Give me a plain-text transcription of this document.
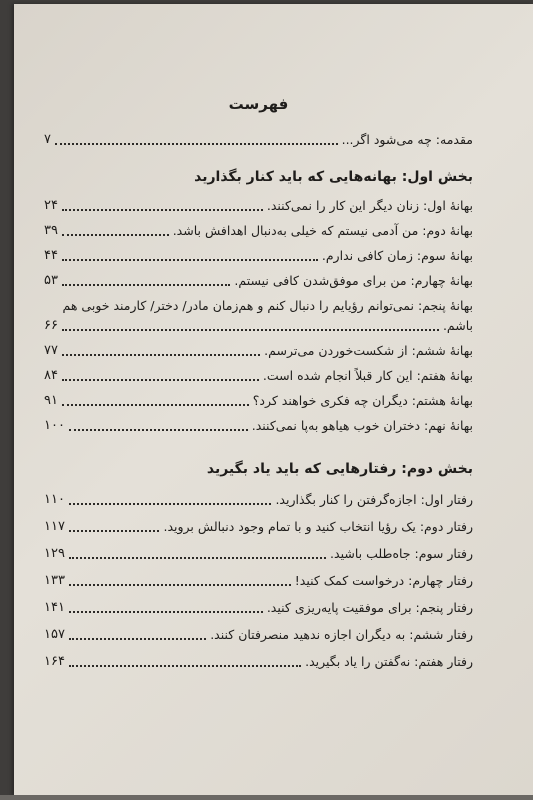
فهرست
مقدمه: چه می‌شود اگر...
۷
بخش اول: بهانه‌هایی که باید کنار بگذارید
بهانهٔ اول: زنان دیگر این کار را نمی‌کنند.
۲۴
بهانهٔ دوم: من آدمی نیستم که خیلی به‌دنبال اهدافش باشد.
۳۹
بهانهٔ سوم: زمان کافی ندارم.
۴۴
بهانهٔ چهارم: من برای موفق‌شدن کافی نیستم.
۵۳
بهانهٔ پنجم: نمی‌توانم رؤیایم را دنبال کنم و هم‌زمان مادر/ دختر/ کارمند خوبی هم
باشم.
۶۶
بهانهٔ ششم: از شکست‌خوردن می‌ترسم.
۷۷
بهانهٔ هفتم: این کار قبلاً انجام شده است.
۸۴
بهانهٔ هشتم: دیگران چه فکری خواهند کرد؟
۹۱
بهانهٔ نهم: دختران خوب هیاهو به‌پا نمی‌کنند.
۱۰۰
بخش دوم: رفتارهایی که باید یاد بگیرید
رفتار اول: اجازه‌گرفتن را کنار بگذارید.
۱۱۰
رفتار دوم: یک رؤیا انتخاب کنید و با تمام وجود دنبالش بروید.
۱۱۷
رفتار سوم: جاه‌طلب باشید.
۱۲۹
رفتار چهارم: درخواست کمک کنید!
۱۳۳
رفتار پنجم: برای موفقیت پایه‌ریزی کنید.
۱۴۱
رفتار ششم: به دیگران اجازه ندهید منصرفتان کنند.
۱۵۷
رفتار هفتم: نه‌گفتن را یاد بگیرید.
۱۶۴
